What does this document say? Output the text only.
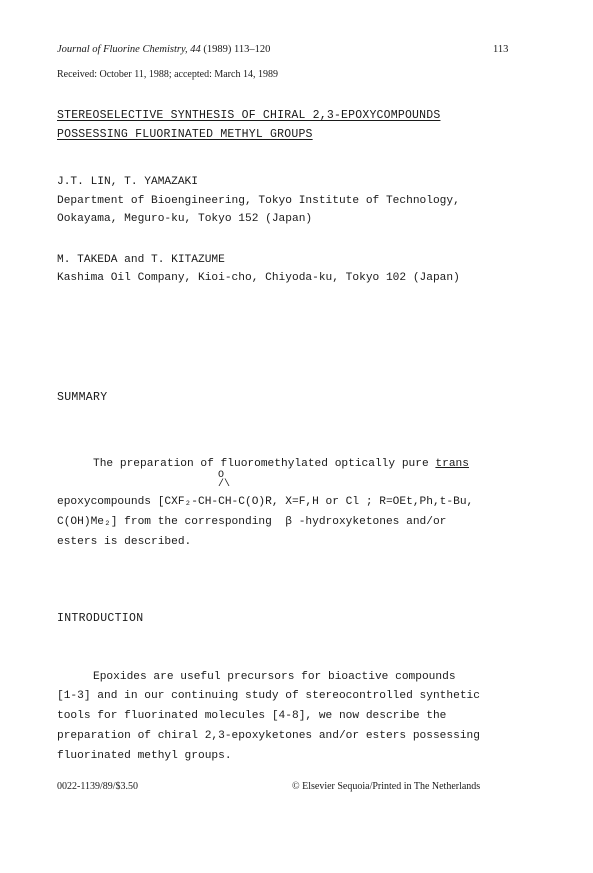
Journal of Fluorine Chemistry, 44 (1989) 113–120	113
Received: October 11, 1988; accepted: March 14, 1989
STEREOSELECTIVE SYNTHESIS OF CHIRAL 2,3-EPOXYCOMPOUNDS
POSSESSING FLUORINATED METHYL GROUPS
J.T. LIN, T. YAMAZAKI
Department of Bioengineering, Tokyo Institute of Technology,
Ookayama, Meguro-ku, Tokyo 152 (Japan)
M. TAKEDA and T. KITAZUME
Kashima Oil Company, Kioi-cho, Chiyoda-ku, Tokyo 102 (Japan)
SUMMARY
The preparation of fluoromethylated optically pure trans
O
/\
epoxycompounds [CXF₂-CH-CH-C(O)R, X=F,H or Cl ; R=OEt,Ph,t-Bu,
C(OH)Me₂] from the corresponding  β -hydroxyketones and/or
esters is described.
INTRODUCTION
Epoxides are useful precursors for bioactive compounds
[1-3] and in our continuing study of stereocontrolled synthetic
tools for fluorinated molecules [4-8], we now describe the
preparation of chiral 2,3-epoxyketones and/or esters possessing
fluorinated methyl groups.
0022-1139/89/$3.50	© Elsevier Sequoia/Printed in The Netherlands
